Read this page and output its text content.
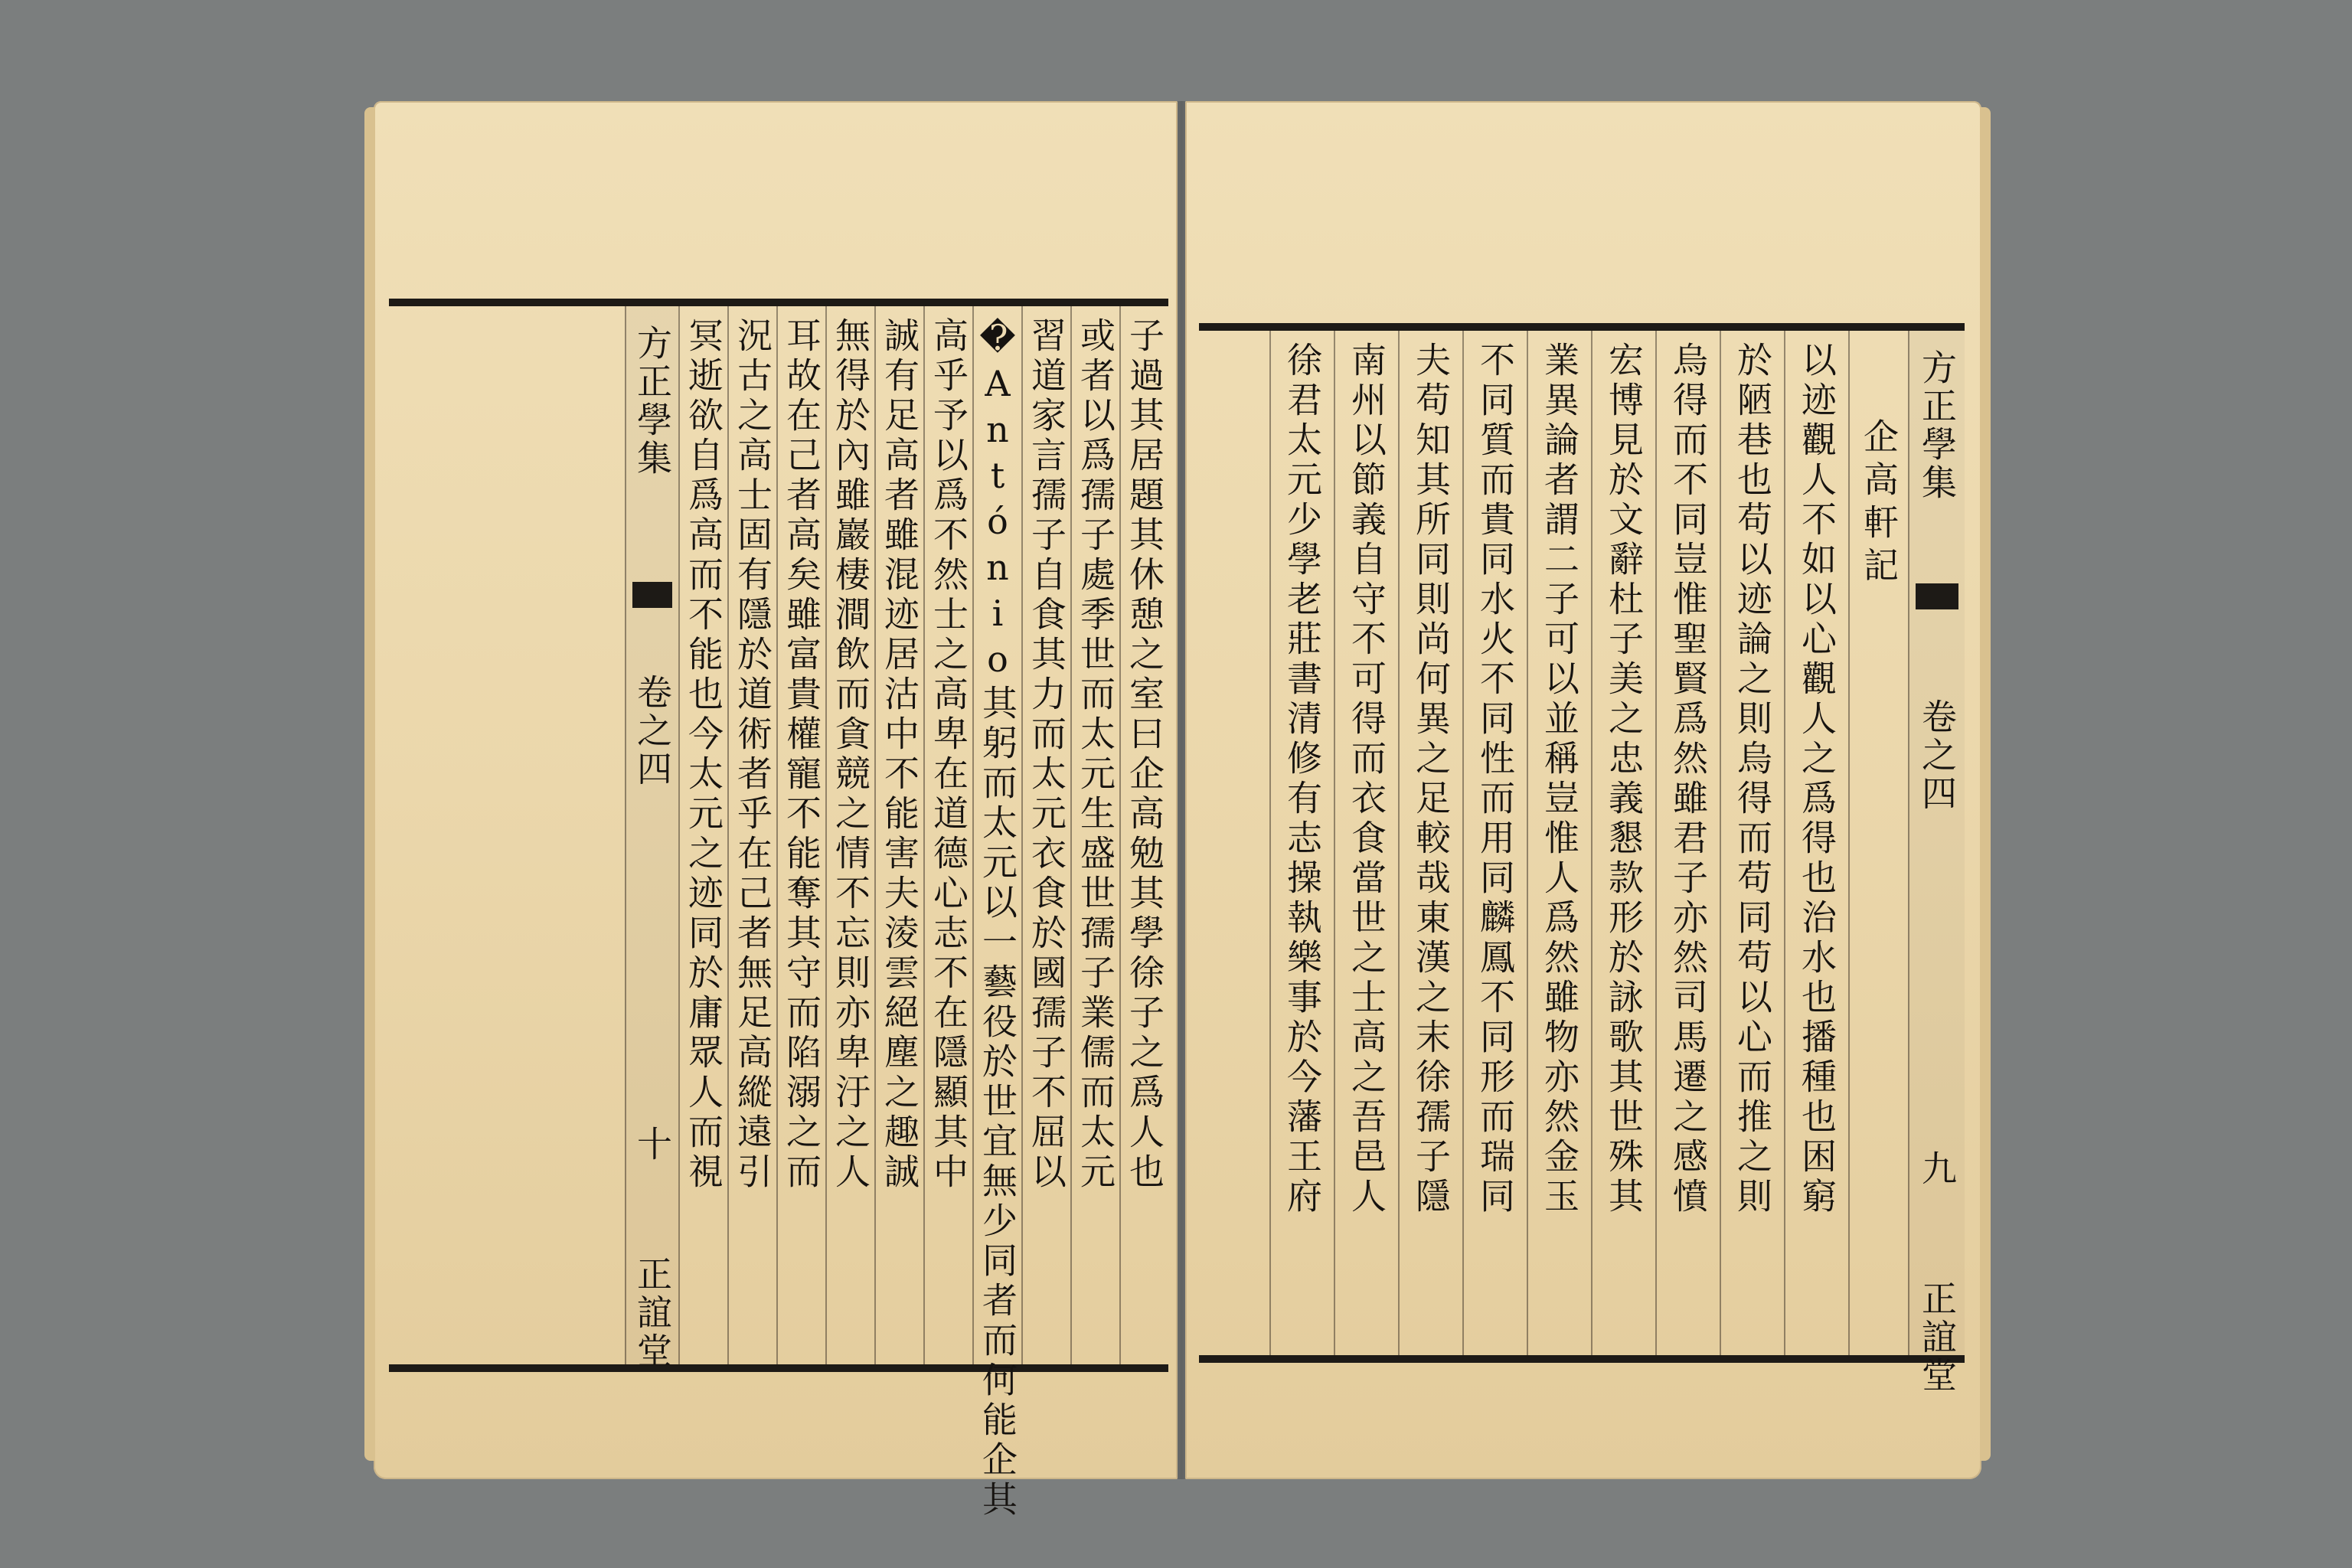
子過其居題其休憩之室曰企高勉其學徐子之爲人也
或者以爲孺子處季世而太元生盛世孺子業儒而太元
習道家言孺子自食其力而太元衣食於國孺子不屈以
�António其躬而太元以一藝役於世宜無少同者而何能企其
高乎予以爲不然士之高卑在道德心志不在隱顯其中
誠有足高者雖混迹居沽中不能害夫淩雲絕塵之趣誠
無得於內雖巖棲澗飲而貪競之情不忘則亦卑汙之人
耳故在己者高矣雖富貴權寵不能奪其守而陷溺之而
況古之高士固有隱於道術者乎在己者無足高縱遠引
冥逝欲自爲高而不能也今太元之迹同於庸眾人而視
方正學集
卷之四
十
正誼堂
方正學集
卷之四
九
正誼堂
企高軒記
以迹觀人不如以心觀人之爲得也治水也播種也困窮
於陋巷也苟以迹論之則烏得而苟同苟以心而推之則
烏得而不同豈惟聖賢爲然雖君子亦然司馬遷之感憤
宏博見於文辭杜子美之忠義懇款形於詠歌其世殊其
業異論者謂二子可以並稱豈惟人爲然雖物亦然金玉
不同質而貴同水火不同性而用同麟鳳不同形而瑞同
夫苟知其所同則尚何異之足較哉東漢之末徐孺子隱
南州以節義自守不可得而衣食當世之士高之吾邑人
徐君太元少學老莊書清修有志操執樂事於今藩王府
